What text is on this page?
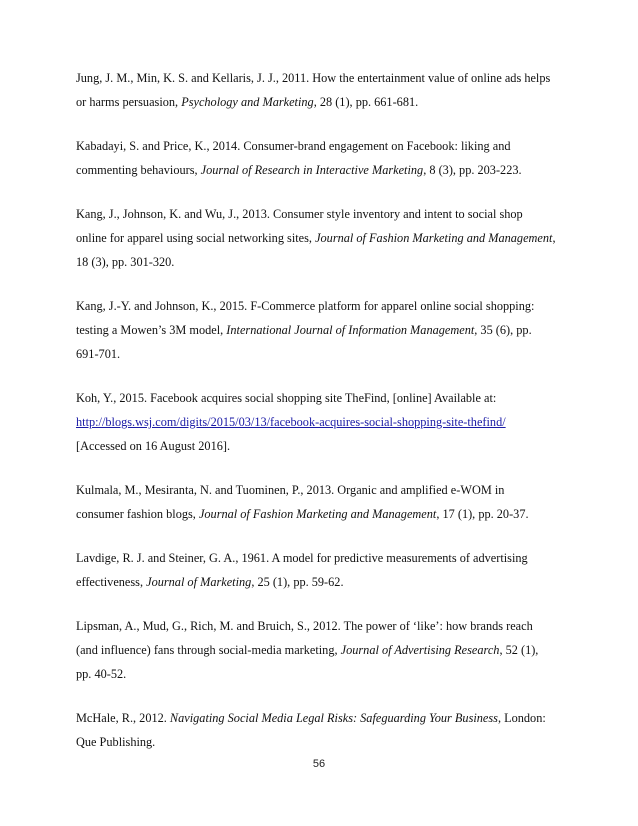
Jung, J. M., Min, K. S. and Kellaris, J. J., 2011. How the entertainment value of online ads helps
or harms persuasion, Psychology and Marketing, 28 (1), pp. 661-681.
Kabadayi, S. and Price, K., 2014. Consumer-brand engagement on Facebook: liking and
commenting behaviours, Journal of Research in Interactive Marketing, 8 (3), pp. 203-223.
Kang, J., Johnson, K. and Wu, J., 2013. Consumer style inventory and intent to social shop
online for apparel using social networking sites, Journal of Fashion Marketing and Management,
18 (3), pp. 301-320.
Kang, J.-Y. and Johnson, K., 2015. F-Commerce platform for apparel online social shopping:
testing a Mowen’s 3M model, International Journal of Information Management, 35 (6), pp.
691-701.
Koh, Y., 2015. Facebook acquires social shopping site TheFind, [online] Available at:
http://blogs.wsj.com/digits/2015/03/13/facebook-acquires-social-shopping-site-thefind/
[Accessed on 16 August 2016].
Kulmala, M., Mesiranta, N. and Tuominen, P., 2013. Organic and amplified e-WOM in
consumer fashion blogs, Journal of Fashion Marketing and Management, 17 (1), pp. 20-37.
Lavdige, R. J. and Steiner, G. A., 1961. A model for predictive measurements of advertising
effectiveness, Journal of Marketing, 25 (1), pp. 59-62.
Lipsman, A., Mud, G., Rich, M. and Bruich, S., 2012. The power of ‘like’: how brands reach
(and influence) fans through social-media marketing, Journal of Advertising Research, 52 (1),
pp. 40-52.
McHale, R., 2012. Navigating Social Media Legal Risks: Safeguarding Your Business, London:
Que Publishing.
56
